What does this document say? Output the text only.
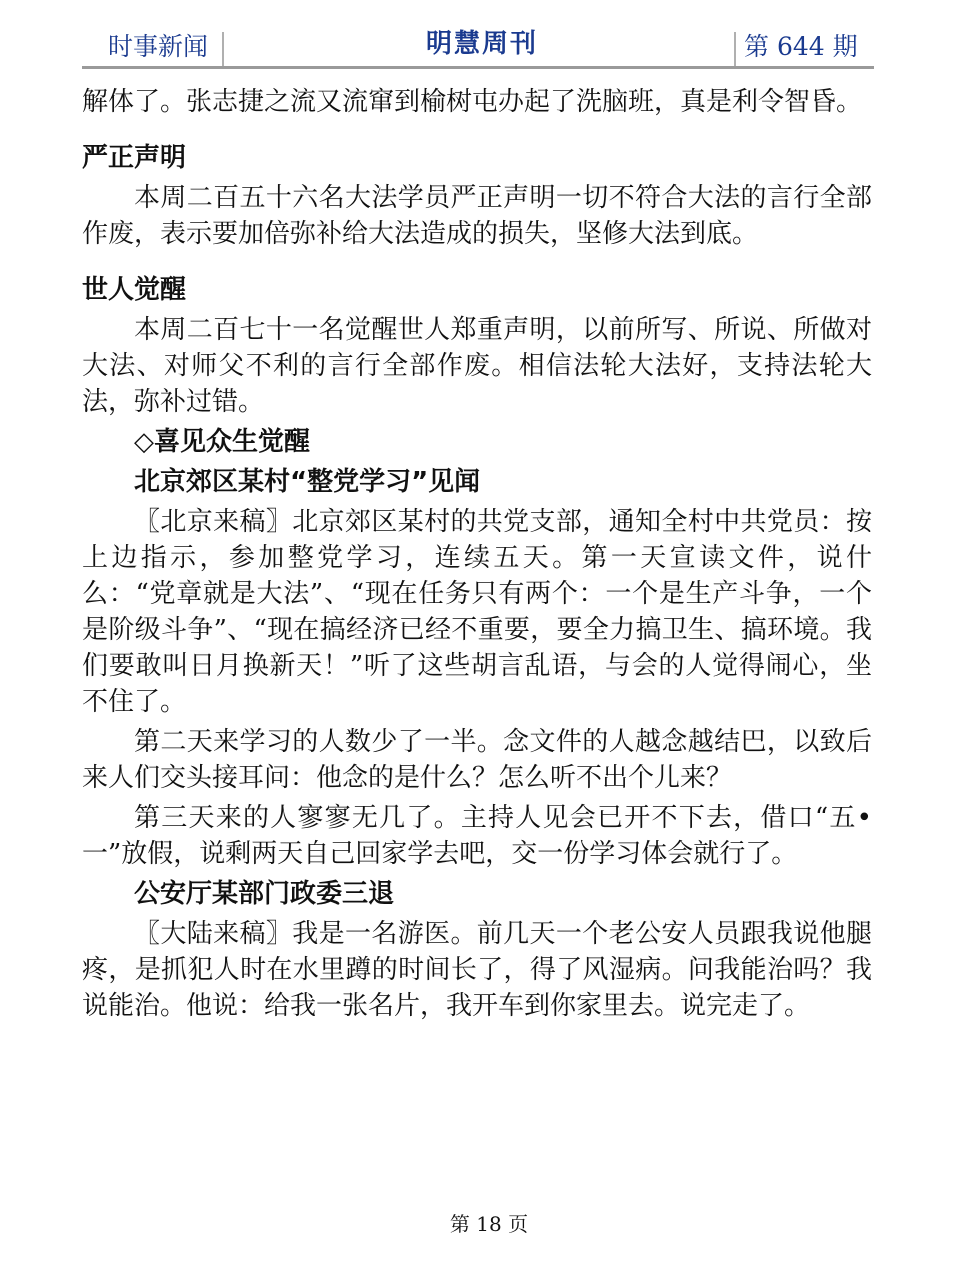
时事新闻	明慧周刊	第 644 期

解体了。张志捷之流又流窜到榆树屯办起了洗脑班，真是利令智昏。

严正声明

本周二百五十六名大法学员严正声明一切不符合大法的言行全部作废，表示要加倍弥补给大法造成的损失，坚修大法到底。

世人觉醒

本周二百七十一名觉醒世人郑重声明，以前所写、所说、所做对大法、对师父不利的言行全部作废。相信法轮大法好，支持法轮大法，弥补过错。

◇喜见众生觉醒
北京郊区某村“整党学习”见闻

〖北京来稿〗北京郊区某村的共党支部，通知全村中共党员：按上边指示，参加整党学习，连续五天。第一天宣读文件，说什么：“党章就是大法”、“现在任务只有两个：一个是生产斗争，一个是阶级斗争”、“现在搞经济已经不重要，要全力搞卫生、搞环境。我们要敢叫日月换新天！”听了这些胡言乱语，与会的人觉得闹心，坐不住了。

第二天来学习的人数少了一半。念文件的人越念越结巴，以致后来人们交头接耳问：他念的是什么？怎么听不出个儿来？

第三天来的人寥寥无几了。主持人见会已开不下去，借口“五•一”放假，说剩两天自己回家学去吧，交一份学习体会就行了。

公安厅某部门政委三退

〖大陆来稿〗我是一名游医。前几天一个老公安人员跟我说他腿疼，是抓犯人时在水里蹲的时间长了，得了风湿病。问我能治吗？我说能治。他说：给我一张名片，我开车到你家里去。说完走了。

第 18 页
